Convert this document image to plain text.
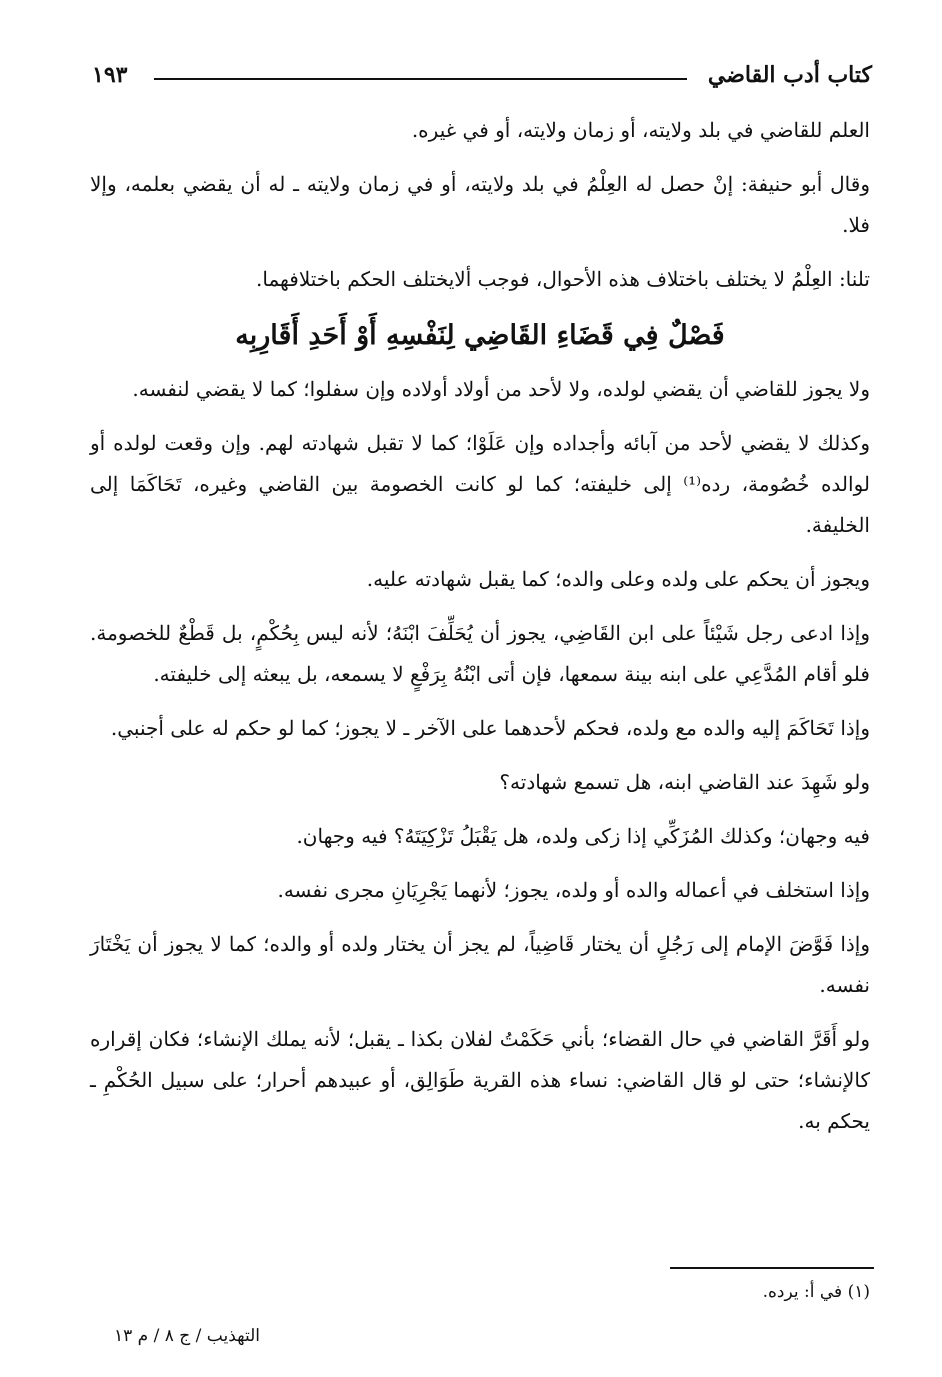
كتاب أدب القاضي
١٩٣

العلم للقاضي في بلد ولايته، أو زمان ولايته، أو في غيره.

وقال أبو حنيفة: إنْ حصل له العِلْمُ في بلد ولايته، أو في زمان ولايته ـ له أن يقضي بعلمه، وإلا فلا.

تلنا: العِلْمُ لا يختلف باختلاف هذه الأحوال، فوجب ألايختلف الحكم باختلافهما.

فَصْلٌ فِي قَضَاءِ القَاضِي لِنَفْسِهِ أَوْ أَحَدِ أَقَارِبِه

ولا يجوز للقاضي أن يقضي لولده، ولا لأحد من أولاد أولاده وإن سفلوا؛ كما لا يقضي لنفسه.

وكذلك لا يقضي لأحد من آبائه وأجداده وإن عَلَوْا؛ كما لا تقبل شهادته لهم. وإن وقعت لولده أو لوالده خُصُومة، رده⁽¹⁾ إلى خليفته؛ كما لو كانت الخصومة بين القاضي وغيره، تَحَاكَمَا إلى الخليفة.

ويجوز أن يحكم على ولده وعلى والده؛ كما يقبل شهادته عليه.

وإذا ادعى رجل شَيْئاً على ابن القَاضِي، يجوز أن يُحَلِّفَ ابْنَهُ؛ لأنه ليس بِحُكْمٍ، بل قَطْعٌ للخصومة. فلو أقام المُدَّعِي على ابنه بينة سمعها، فإن أتى ابْنُهُ بِرَفْعٍ لا يسمعه، بل يبعثه إلى خليفته.

وإذا تَحَاكَمَ إليه والده مع ولده، فحكم لأحدهما على الآخر ـ لا يجوز؛ كما لو حكم له على أجنبي.

ولو شَهِدَ عند القاضي ابنه، هل تسمع شهادته؟

فيه وجهان؛ وكذلك المُزَكِّي إذا زكى ولده، هل يَقْبَلُ تَزْكِيَتَهُ؟ فيه وجهان.

وإذا استخلف في أعماله والده أو ولده، يجوز؛ لأنهما يَجْرِيَانِ مجرى نفسه.

وإذا فَوَّضَ الإمام إلى رَجُلٍ أن يختار قَاضِياً، لم يجز أن يختار ولده أو والده؛ كما لا يجوز أن يَخْتَارَ نفسه.

ولو أَقَرَّ القاضي في حال القضاء؛ بأني حَكَمْتُ لفلان بكذا ـ يقبل؛ لأنه يملك الإنشاء؛ فكان إقراره كالإنشاء؛ حتى لو قال القاضي: نساء هذه القرية طَوَالِق، أو عبيدهم أحرار؛ على سبيل الحُكْمِ ـ يحكم به.

(١) في أ: يرده.
التهذيب / ج ٨ / م ١٣
